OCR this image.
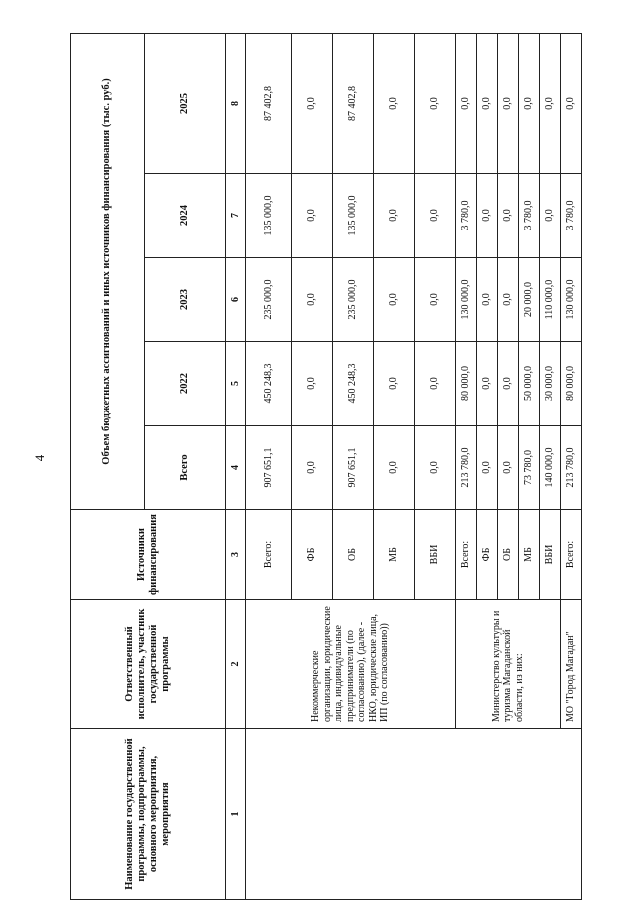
4
Наименование государственной программы, подпрограммы, основного мероприятия, мероприятия	Ответственный исполнитель, участник государственной программы	Источники финансирования	Объем бюджетных ассигнований и иных источников финансирования (тыс. руб.)				
			Всего	2022	2023	2024	2025
1	2	3	4	5	6	7	8
	Некоммерческие организации, юридические лица, индивидуальные предприниматели (по согласованию), (далее - НКО, юридические лица, ИП (по согласованию))	Всего:	907 651,1	450 248,3	235 000,0	135 000,0	87 402,8
		ФБ	0,0	0,0	0,0	0,0	0,0
		ОБ	907 651,1	450 248,3	235 000,0	135 000,0	87 402,8
		МБ	0,0	0,0	0,0	0,0	0,0
		ВБИ	0,0	0,0	0,0	0,0	0,0
	Министерство культуры и туризма Магаданской области, из них:	Всего:	213 780,0	80 000,0	130 000,0	3 780,0	0,0
		ФБ	0,0	0,0	0,0	0,0	0,0
		ОБ	0,0	0,0	0,0	0,0	0,0
		МБ	73 780,0	50 000,0	20 000,0	3 780,0	0,0
		ВБИ	140 000,0	30 000,0	110 000,0	0,0	0,0
	МО "Город Магадан"	Всего:	213 780,0	80 000,0	130 000,0	3 780,0	0,0
